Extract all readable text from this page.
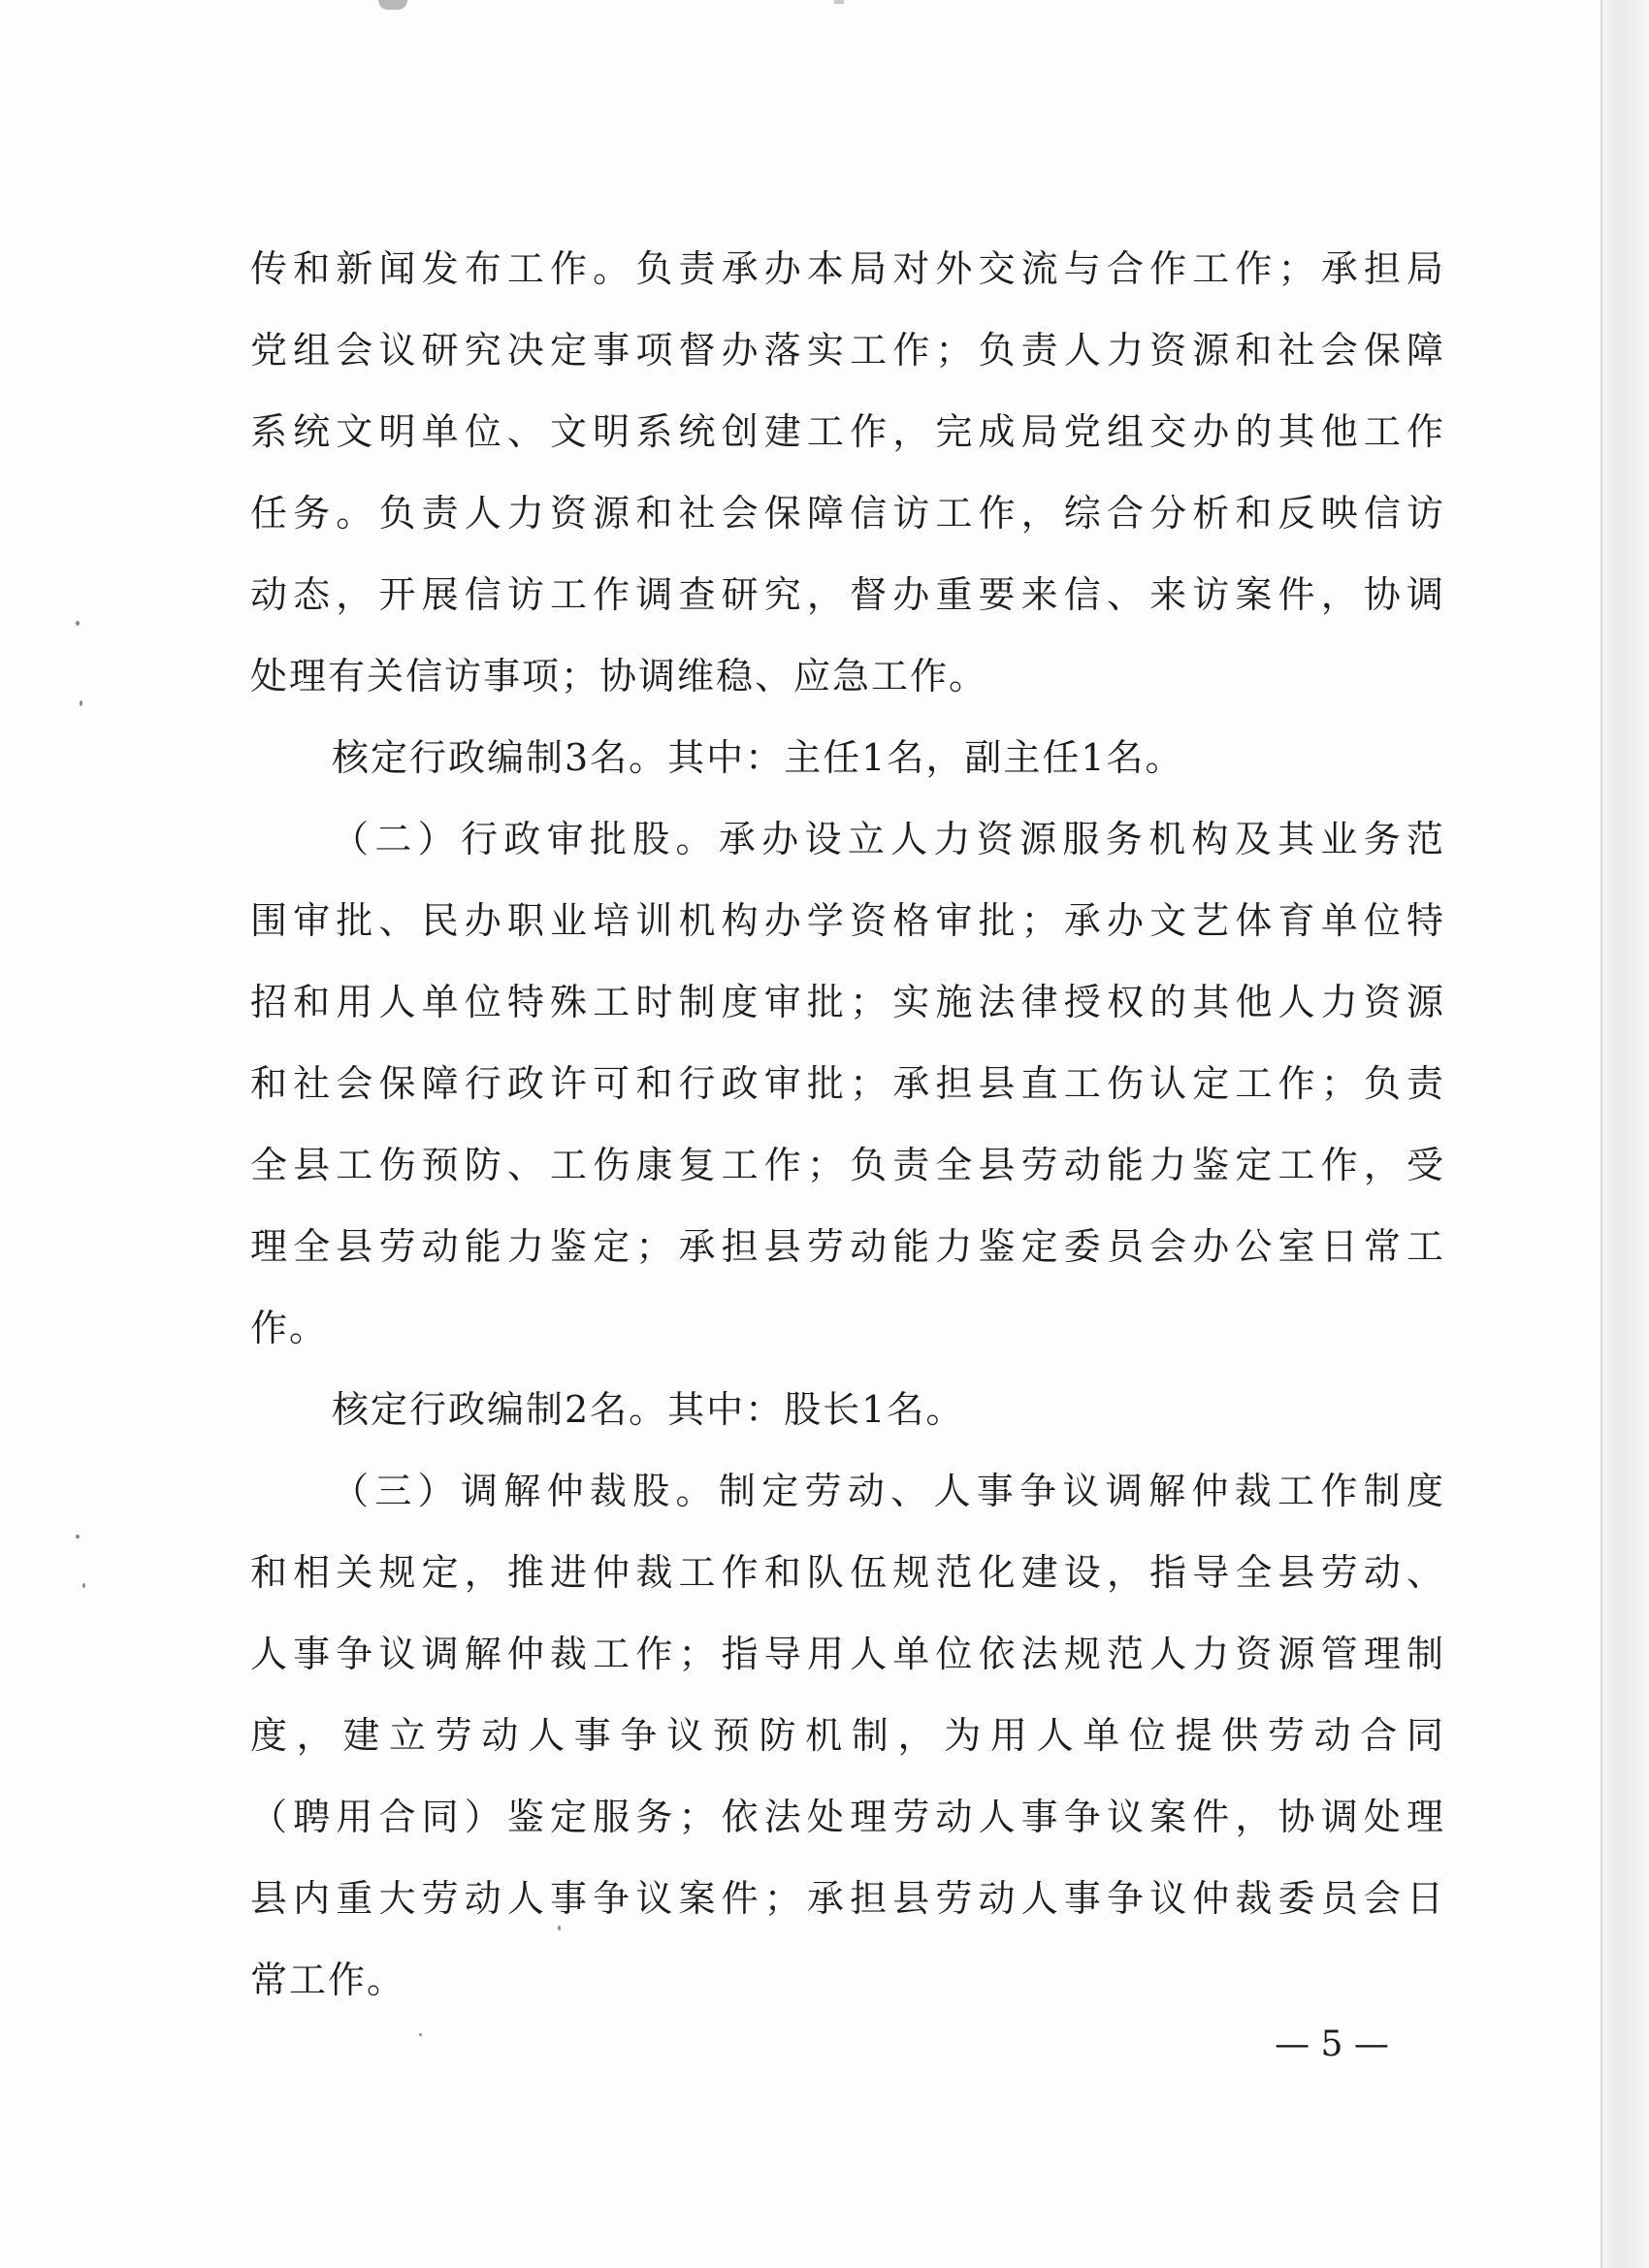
传和新闻发布工作。负责承办本局对外交流与合作工作；承担局
党组会议研究决定事项督办落实工作；负责人力资源和社会保障
系统文明单位、文明系统创建工作，完成局党组交办的其他工作
任务。负责人力资源和社会保障信访工作，综合分析和反映信访
动态，开展信访工作调查研究，督办重要来信、来访案件，协调
处理有关信访事项；协调维稳、应急工作。
核定行政编制3名。其中：主任1名，副主任1名。
（二）行政审批股。承办设立人力资源服务机构及其业务范
围审批、民办职业培训机构办学资格审批；承办文艺体育单位特
招和用人单位特殊工时制度审批；实施法律授权的其他人力资源
和社会保障行政许可和行政审批；承担县直工伤认定工作；负责
全县工伤预防、工伤康复工作；负责全县劳动能力鉴定工作，受
理全县劳动能力鉴定；承担县劳动能力鉴定委员会办公室日常工
作。
核定行政编制2名。其中：股长1名。
（三）调解仲裁股。制定劳动、人事争议调解仲裁工作制度
和相关规定，推进仲裁工作和队伍规范化建设，指导全县劳动、
人事争议调解仲裁工作；指导用人单位依法规范人力资源管理制
度，建立劳动人事争议预防机制，为用人单位提供劳动合同
（聘用合同）鉴定服务；依法处理劳动人事争议案件，协调处理
县内重大劳动人事争议案件；承担县劳动人事争议仲裁委员会日
常工作。
— 5 —
